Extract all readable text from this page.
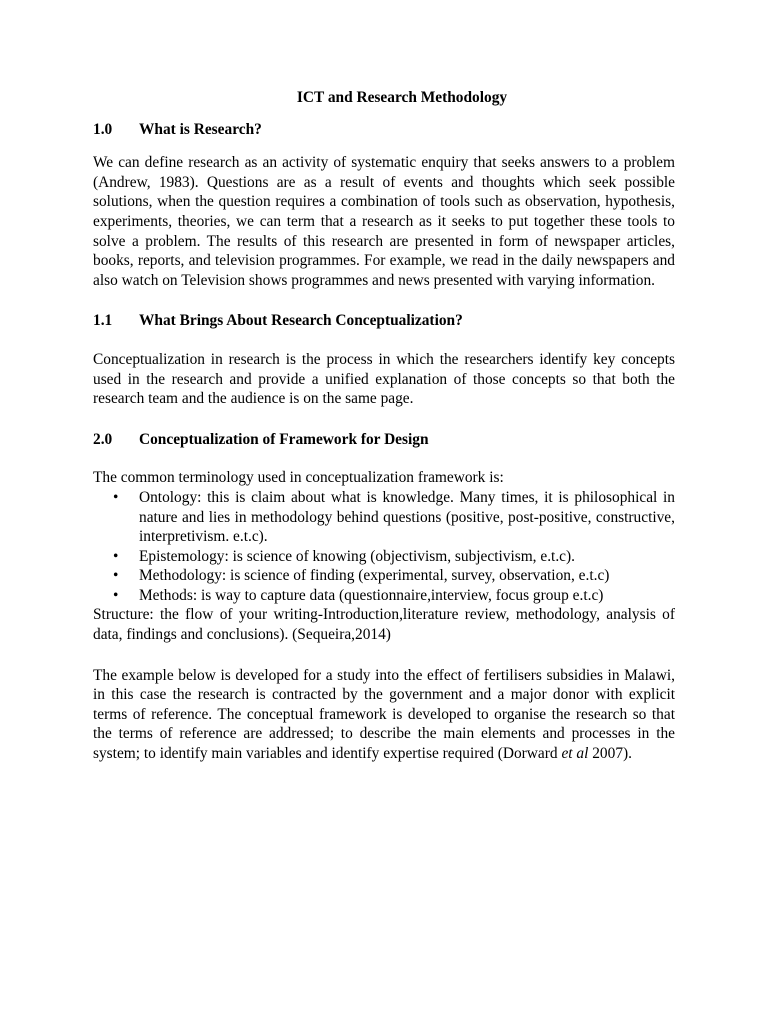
ICT and Research Methodology
1.0	What is Research?

We can define research as an activity of systematic enquiry that seeks answers to a problem (Andrew, 1983). Questions are as a result of events and thoughts which seek possible solutions, when the question requires a combination of tools such as observation, hypothesis, experiments, theories, we can term that a research as it seeks to put together these tools to solve a problem. The results of this research are presented in form of newspaper articles, books, reports, and television programmes. For example, we read in the daily newspapers and also watch on Television shows programmes and news presented with varying information.

1.1	What Brings About Research Conceptualization?

Conceptualization in research is the process in which the researchers identify key concepts used in the research and provide a unified explanation of those concepts so that both the research team and the audience is on the same page.

2.0	Conceptualization of Framework for Design

The common terminology used in conceptualization framework is:

• Ontology: this is claim about what is knowledge. Many times, it is philosophical in nature and lies in methodology behind questions (positive, post-positive, constructive, interpretivism. e.t.c).
• Epistemology: is science of knowing (objectivism, subjectivism, e.t.c).
• Methodology: is science of finding (experimental, survey, observation, e.t.c)
• Methods: is way to capture data (questionnaire,interview, focus group e.t.c)

Structure: the flow of your writing-Introduction,literature review, methodology, analysis of data, findings and conclusions). (Sequeira,2014)

The example below is developed for a study into the effect of fertilisers subsidies in Malawi, in this case the research is contracted by the government and a major donor with explicit terms of reference. The conceptual framework is developed to organise the research so that the terms of reference are addressed; to describe the main elements and processes in the system; to identify main variables and identify expertise required (Dorward et al 2007).
